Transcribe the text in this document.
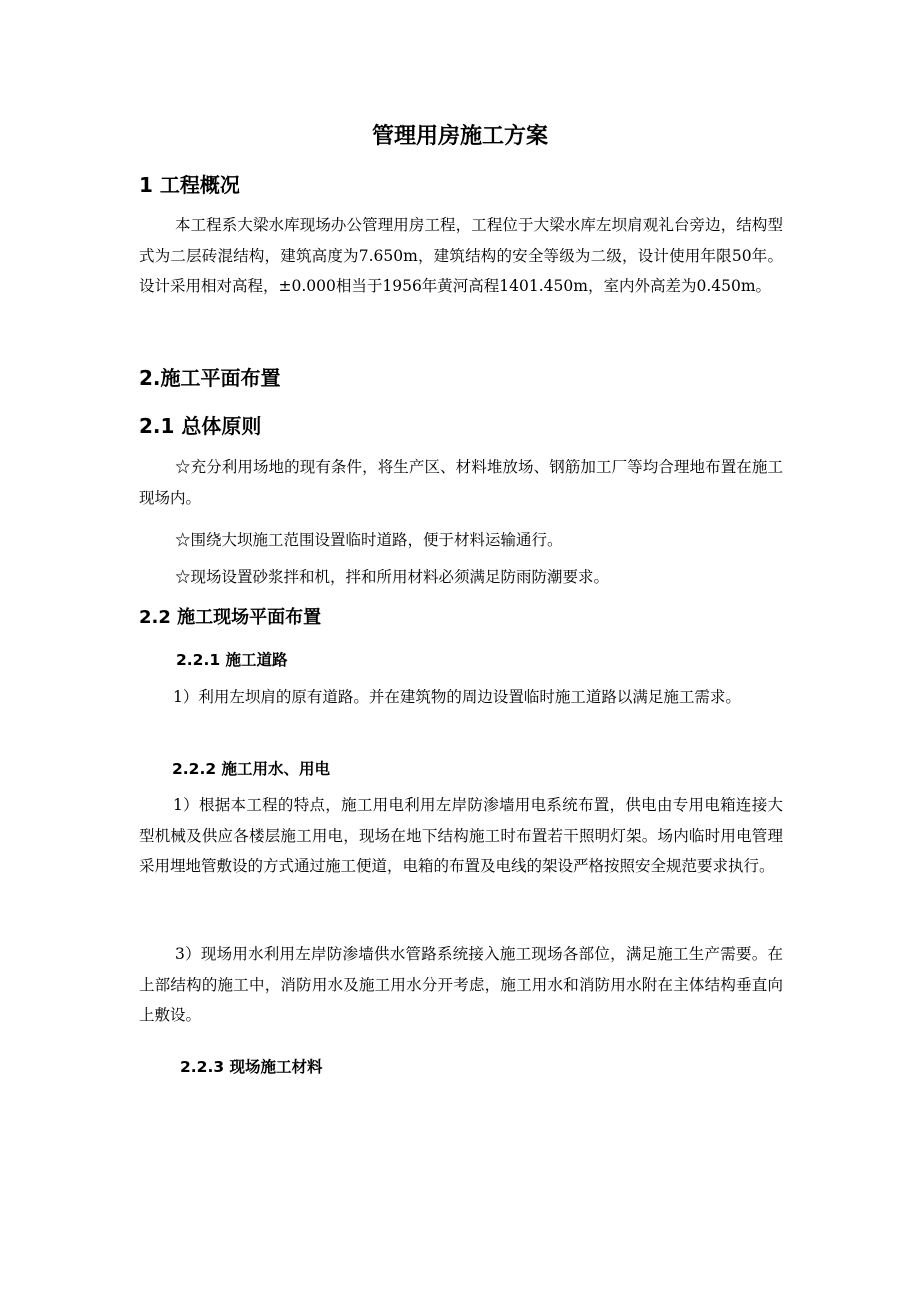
管理用房施工方案
1 工程概况

本工程系大梁水库现场办公管理用房工程，工程位于大梁水库左坝肩观礼台旁边，结构型式为二层砖混结构，建筑高度为7.650m，建筑结构的安全等级为二级，设计使用年限50年。设计采用相对高程，±0.000相当于1956年黄河高程1401.450m，室内外高差为0.450m。

2.施工平面布置
2.1 总体原则

☆充分利用场地的现有条件，将生产区、材料堆放场、钢筋加工厂等均合理地布置在施工现场内。

☆围绕大坝施工范围设置临时道路，便于材料运输通行。

☆现场设置砂浆拌和机，拌和所用材料必须满足防雨防潮要求。

2.2 施工现场平面布置
2.2.1 施工道路

1）利用左坝肩的原有道路。并在建筑物的周边设置临时施工道路以满足施工需求。

2.2.2 施工用水、用电

1）根据本工程的特点，施工用电利用左岸防渗墙用电系统布置，供电由专用电箱连接大型机械及供应各楼层施工用电，现场在地下结构施工时布置若干照明灯架。场内临时用电管理采用埋地管敷设的方式通过施工便道，电箱的布置及电线的架设严格按照安全规范要求执行。

3）现场用水利用左岸防渗墙供水管路系统接入施工现场各部位，满足施工生产需要。在上部结构的施工中，消防用水及施工用水分开考虑，施工用水和消防用水附在主体结构垂直向上敷设。

2.2.3 现场施工材料
